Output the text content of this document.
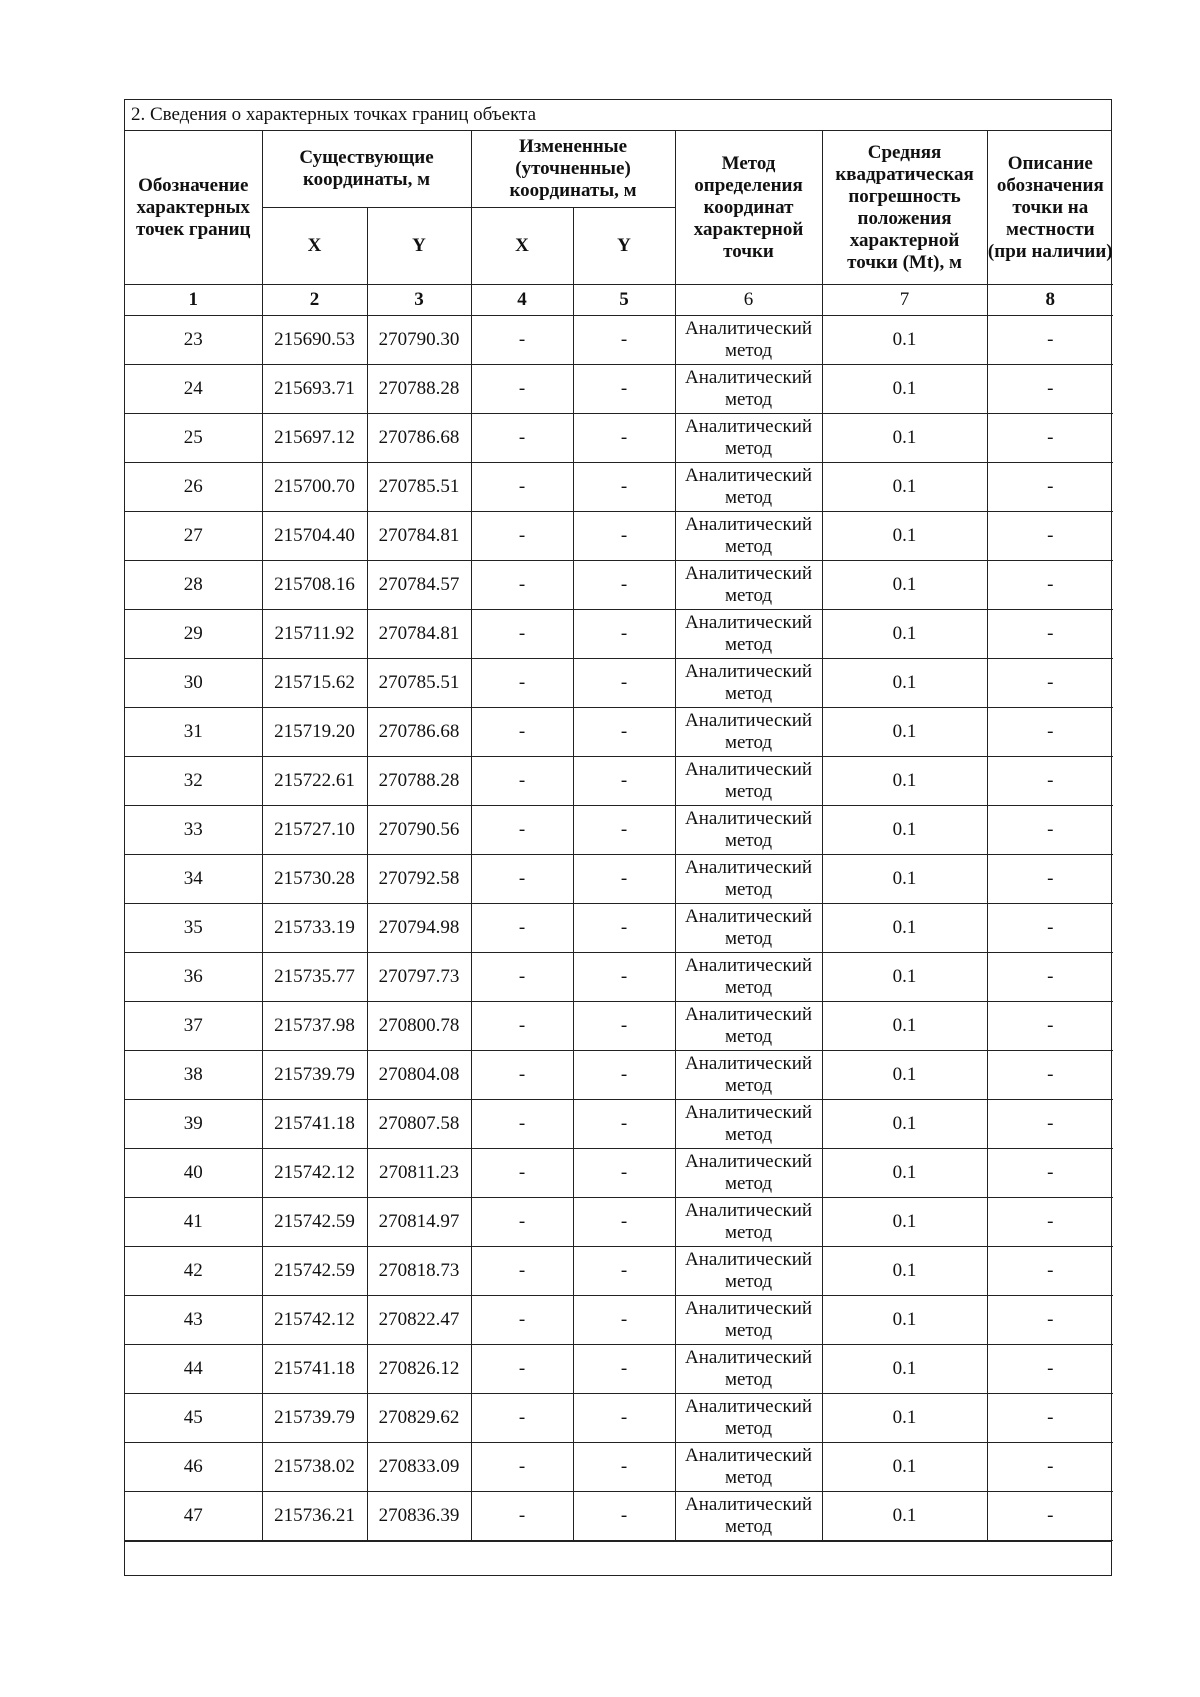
2. Сведения о характерных точках границ объекта
Обозначение характерных точек границ	Существующие координаты, м		Измененные (уточненные) координаты, м		Метод определения координат характерной точки	Средняя квадратическая погрешность положения характерной точки (Mt), м	Описание обозначения точки на местности (при наличии)
	X	Y	X	Y			
1	2	3	4	5	6	7	8
23	215690.53	270790.30	-	-	Аналитический метод	0.1	-
24	215693.71	270788.28	-	-	Аналитический метод	0.1	-
25	215697.12	270786.68	-	-	Аналитический метод	0.1	-
26	215700.70	270785.51	-	-	Аналитический метод	0.1	-
27	215704.40	270784.81	-	-	Аналитический метод	0.1	-
28	215708.16	270784.57	-	-	Аналитический метод	0.1	-
29	215711.92	270784.81	-	-	Аналитический метод	0.1	-
30	215715.62	270785.51	-	-	Аналитический метод	0.1	-
31	215719.20	270786.68	-	-	Аналитический метод	0.1	-
32	215722.61	270788.28	-	-	Аналитический метод	0.1	-
33	215727.10	270790.56	-	-	Аналитический метод	0.1	-
34	215730.28	270792.58	-	-	Аналитический метод	0.1	-
35	215733.19	270794.98	-	-	Аналитический метод	0.1	-
36	215735.77	270797.73	-	-	Аналитический метод	0.1	-
37	215737.98	270800.78	-	-	Аналитический метод	0.1	-
38	215739.79	270804.08	-	-	Аналитический метод	0.1	-
39	215741.18	270807.58	-	-	Аналитический метод	0.1	-
40	215742.12	270811.23	-	-	Аналитический метод	0.1	-
41	215742.59	270814.97	-	-	Аналитический метод	0.1	-
42	215742.59	270818.73	-	-	Аналитический метод	0.1	-
43	215742.12	270822.47	-	-	Аналитический метод	0.1	-
44	215741.18	270826.12	-	-	Аналитический метод	0.1	-
45	215739.79	270829.62	-	-	Аналитический метод	0.1	-
46	215738.02	270833.09	-	-	Аналитический метод	0.1	-
47	215736.21	270836.39	-	-	Аналитический метод	0.1	-
